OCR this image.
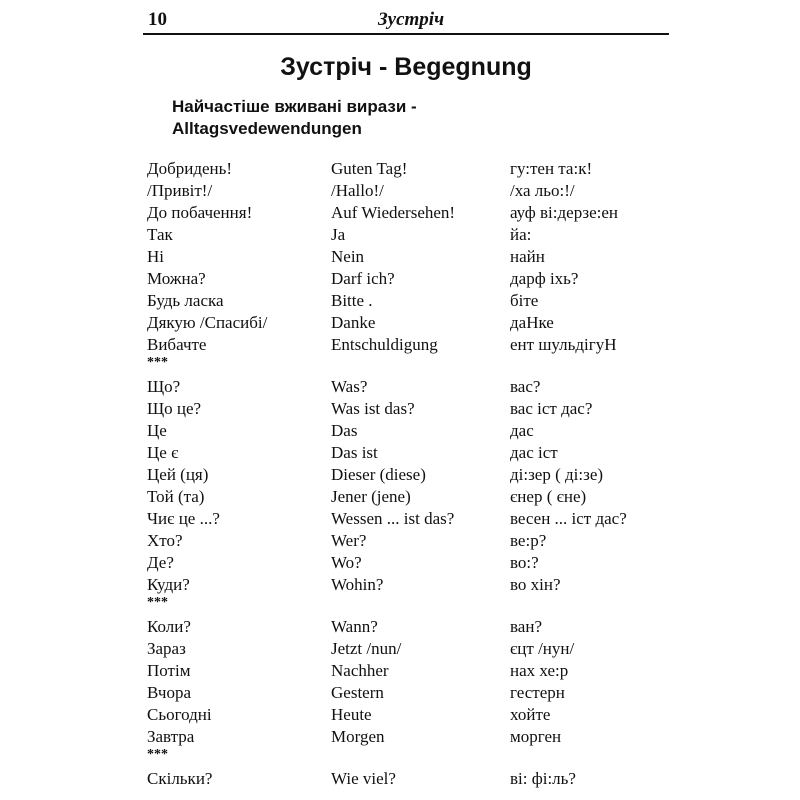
10	Зустріч
Зустріч - Begegnung
Найчастіше вживані вирази -
Alltagsvedewendungen
Добридень!	Guten Tag!	гу:тен та:к!
/Привіт!/	/Hallo!/	/ха льо:!/
До побачення!	Auf Wiedersehen!	ауф ві:дерзе:ен
Так	Ja	йа:
Ні	Nein	найн
Можна?	Darf ich?	дарф іхь?
Будь ласка	Bitte .	біте
Дякую /Спасибі/	Danke	даНке
Вибачте	Entschuldigung	ент шульдігуН
***
Що?	Was?	вас?
Що це?	Was ist das?	вас іст дас?
Це	Das	дас
Це є	Das ist	дас іст
Цей (ця)	Dieser (diese)	ді:зер ( ді:зе)
Той (та)	Jener (jene)	єнер ( єне)
Чиє це ...?	Wessen ... ist das?	весен ... іст дас?
Хто?	Wer?	ве:р?
Де?	Wo?	во:?
Куди?	Wohin?	во хін?
***
Коли?	Wann?	ван?
Зараз	Jetzt /nun/	єцт /нун/
Потім	Nachher	нах хе:р
Вчора	Gestern	гестерн
Сьогодні	Heute	хойте
Завтра	Morgen	морген
***
Скільки?	Wie viel?	ві: фі:ль?
